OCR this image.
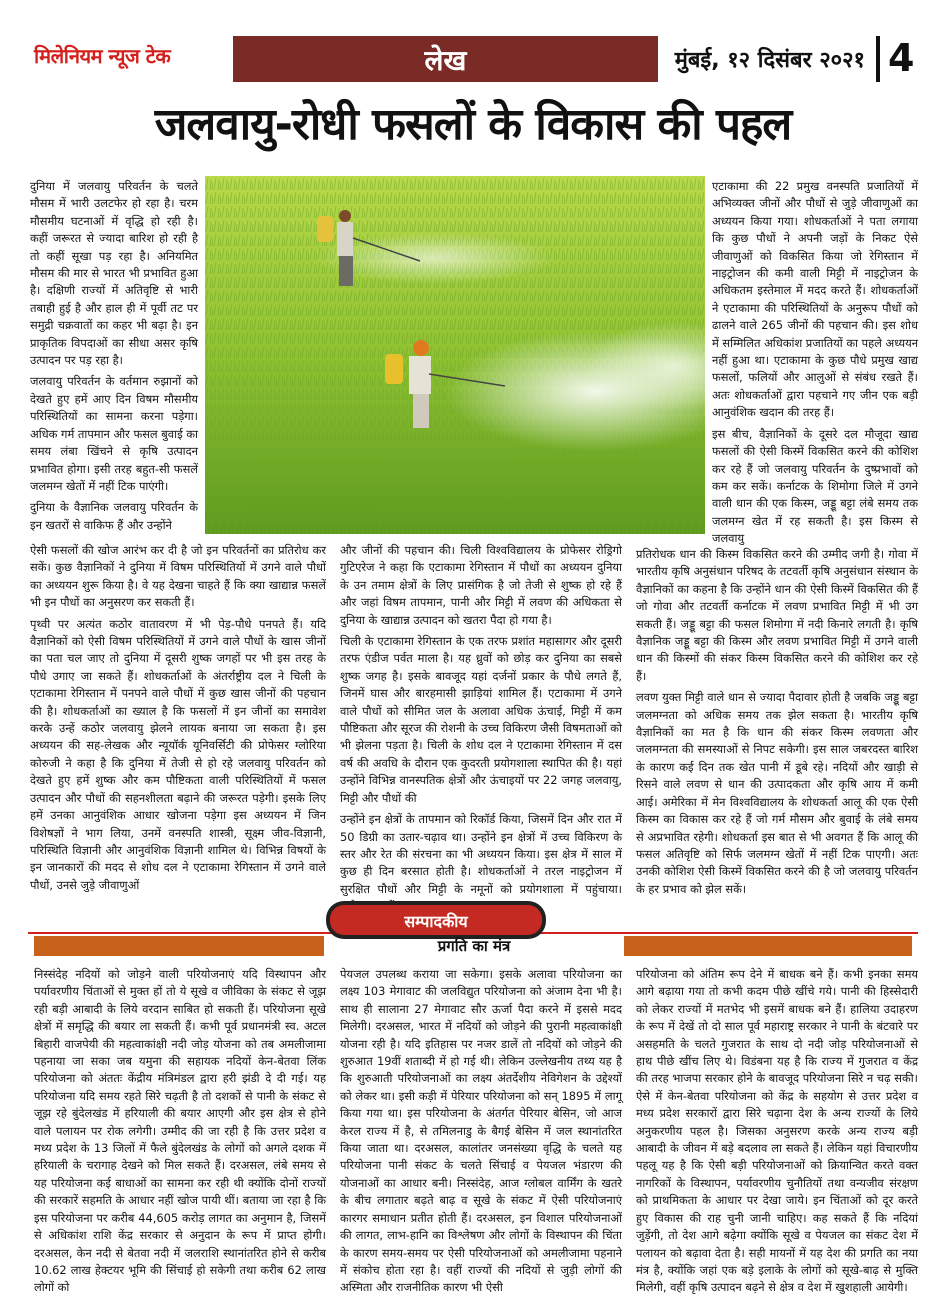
मिलेनियम न्यूज टेक	लेख	मुंबई, १२ दिसंबर २०२१ 4
जलवायु-रोधी फसलों के विकास की पहल

दुनिया में जलवायु परिवर्तन के चलते मौसम में भारी उलटफेर हो रहा है। चरम मौसमीय घटनाओं में वृद्धि हो रही है। कहीं जरूरत से ज्यादा बारिश हो रही है तो कहीं सूखा पड़ रहा है। अनियमित मौसम की मार से भारत भी प्रभावित हुआ है। दक्षिणी राज्यों में अतिवृष्टि से भारी तबाही हुई है और हाल ही में पूर्वी तट पर समुद्री चक्रवातों का कहर भी बढ़ा है। इन प्राकृतिक विपदाओं का सीधा असर कृषि उत्पादन पर पड़ रहा है।

जलवायु परिवर्तन के वर्तमान रुझानों को देखते हुए हमें आए दिन विषम मौसमीय परिस्थितियों का सामना करना पड़ेगा। अधिक गर्म तापमान और फसल बुवाई का समय लंबा खिंचने से कृषि उत्पादन प्रभावित होगा। इसी तरह बहुत-सी फसलें जलमग्न खेतों में नहीं टिक पाएंगी।

दुनिया के वैज्ञानिक जलवायु परिवर्तन के इन खतरों से वाकिफ हैं और उन्होंने

ऐसी फसलों की खोज आरंभ कर दी है जो इन परिवर्तनों का प्रतिरोध कर सकें। कुछ वैज्ञानिकों ने दुनिया में विषम परिस्थितियों में उगने वाले पौधों का अध्ययन शुरू किया है। वे यह देखना चाहते हैं कि क्या खाद्यान्न फसलें भी इन पौधों का अनुसरण कर सकती हैं।

पृथ्वी पर अत्यंत कठोर वातावरण में भी पेड़-पौधे पनपते हैं। यदि वैज्ञानिकों को ऐसी विषम परिस्थितियों में उगने वाले पौधों के खास जीनों का पता चल जाए तो दुनिया में दूसरी शुष्क जगहों पर भी इस तरह के पौधे उगाए जा सकते हैं। शोधकर्ताओं के अंतर्राष्ट्रीय दल ने चिली के एटाकामा रेगिस्तान में पनपने वाले पौधों में कुछ खास जीनों की पहचान की है। शोधकर्ताओं का ख्याल है कि फसलों में इन जीनों का समावेश करके उन्हें कठोर जलवायु झेलने लायक बनाया जा सकता है। इस अध्ययन की सह-लेखक और न्यूयॉर्क यूनिवर्सिटी की प्रोफेसर ग्लोरिया कोरुजी ने कहा है कि दुनिया में तेजी से हो रहे जलवायु परिवर्तन को देखते हुए हमें शुष्क और कम पौष्टिकता वाली परिस्थितियों में फसल उत्पादन और पौधों की सहनशीलता बढ़ाने की जरूरत पड़ेगी। इसके लिए हमें उनका आनुवंशिक आधार खोजना पड़ेगा इस अध्ययन में जिन विशेषज्ञों ने भाग लिया, उनमें वनस्पति शास्त्री, सूक्ष्म जीव-विज्ञानी, परिस्थिति विज्ञानी और आनुवंशिक विज्ञानी शामिल थे। विभिन्न विषयों के इन जानकारों की मदद से शोध दल ने एटाकामा रेगिस्तान में उगने वाले पौधों, उनसे जुड़े जीवाणुओं

और जीनों की पहचान की। चिली विश्वविद्यालय के प्रोफेसर रोड्रिगो गुटिएरेज ने कहा कि एटाकामा रेगिस्तान में पौधों का अध्ययन दुनिया के उन तमाम क्षेत्रों के लिए प्रासंगिक है जो तेजी से शुष्क हो रहे हैं और जहां विषम तापमान, पानी और मिट्टी में लवण की अधिकता से दुनिया के खाद्यान्न उत्पादन को खतरा पैदा हो गया है।

चिली के एटाकामा रेगिस्तान के एक तरफ प्रशांत महासागर और दूसरी तरफ एंडीज पर्वत माला है। यह ध्रुवों को छोड़ कर दुनिया का सबसे शुष्क जगह है। इसके बावजूद यहां दर्जनों प्रकार के पौधे लगते हैं, जिनमें घास और बारहमासी झाड़ियां शामिल हैं। एटाकामा में उगने वाले पौधों को सीमित जल के अलावा अधिक ऊंचाई, मिट्टी में कम पौष्टिकता और सूरज की रोशनी के उच्च विकिरण जैसी विषमताओं को भी झेलना पड़ता है। चिली के शोध दल ने एटाकामा रेगिस्तान में दस वर्ष की अवधि के दौरान एक कुदरती प्रयोगशाला स्थापित की है। यहां उन्होंने विभिन्न वानस्पतिक क्षेत्रों और ऊंचाइयों पर 22 जगह जलवायु, मिट्टी और पौधों की

उन्होंने इन क्षेत्रों के तापमान को रिकॉर्ड किया, जिसमें दिन और रात में 50 डिग्री का उतार-चढ़ाव था। उन्होंने इन क्षेत्रों में उच्च विकिरण के स्तर और रेत की संरचना का भी अध्ययन किया। इस क्षेत्र में साल में कुछ ही दिन बरसात होती है। शोधकर्ताओं ने तरल नाइट्रोजन में सुरक्षित पौधों और मिट्टी के नमूनों को प्रयोगशाला में पहुंचाया।

एटाकामा की 22 प्रमुख वनस्पति प्रजातियों में अभिव्यक्त जीनों और पौधों से जुड़े जीवाणुओं का अध्ययन किया गया। शोधकर्ताओं ने पता लगाया कि कुछ पौधों ने अपनी जड़ों के निकट ऐसे जीवाणुओं को विकसित किया जो रेगिस्तान में नाइट्रोजन की कमी वाली मिट्टी में नाइट्रोजन के अधिकतम इस्तेमाल में मदद करते हैं। शोधकर्ताओं ने एटाकामा की परिस्थितियों के अनुरूप पौधों को ढालने वाले 265 जीनों की पहचान की। इस शोध में सम्मिलित अधिकांश प्रजातियों का पहले अध्ययन नहीं हुआ था। एटाकामा के कुछ पौधे प्रमुख खाद्य फसलों, फलियों और आलुओं से संबंध रखते हैं। अतः शोधकर्ताओं द्वारा पहचाने गए जीन एक बड़ी आनुवंशिक खदान की तरह हैं।

इस बीच, वैज्ञानिकों के दूसरे दल मौजूदा खाद्य फसलों की ऐसी किस्में विकसित करने की कोशिश कर रहे हैं जो जलवायु परिवर्तन के दुष्प्रभावों को कम कर सकें। कर्नाटक के शिमोगा जिले में उगने वाली धान की एक किस्म, जड्डू बट्टा लंबे समय तक जलमग्न खेत में रह सकती है। इस किस्म से जलवायु

प्रतिरोधक धान की किस्म विकसित करने की उम्मीद जगी है। गोवा में भारतीय कृषि अनुसंधान परिषद के तटवर्ती कृषि अनुसंधान संस्थान के वैज्ञानिकों का कहना है कि उन्होंने धान की ऐसी किस्में विकसित की हैं जो गोवा और तटवर्ती कर्नाटक में लवण प्रभावित मिट्टी में भी उग सकती हैं। जड्डू बट्टा की फसल शिमोगा में नदी किनारे लगती है। कृषि वैज्ञानिक जड्डू बट्टा की किस्म और लवण प्रभावित मिट्टी में उगने वाली धान की किस्मों की संकर किस्म विकसित करने की कोशिश कर रहे हैं।

लवण युक्त मिट्टी वाले धान से ज्यादा पैदावार होती है जबकि जड्डू बट्टा जलमग्नता को अधिक समय तक झेल सकता है। भारतीय कृषि वैज्ञानिकों का मत है कि धान की संकर किस्म लवणता और जलमग्नता की समस्याओं से निपट सकेगी। इस साल जबरदस्त बारिश के कारण कई दिन तक खेत पानी में डूबे रहे। नदियों और खाड़ी से रिसने वाले लवण से धान की उत्पादकता और कृषि आय में कमी आई। अमेरिका में मेन विश्वविद्यालय के शोधकर्ता आलू की एक ऐसी किस्म का विकास कर रहे हैं जो गर्म मौसम और बुवाई के लंबे समय से अप्रभावित रहेगी। शोधकर्ता इस बात से भी अवगत हैं कि आलू की फसल अतिवृष्टि को सिर्फ जलमग्न खेतों में नहीं टिक पाएगी। अतः उनकी कोशिश ऐसी किस्में विकसित करने की है जो जलवायु परिवर्तन के हर प्रभाव को झेल सकें।

सम्पादकीय
प्रगति का मंत्र

निस्संदेह नदियों को जोड़ने वाली परियोजनाएं यदि विस्थापन और पर्यावरणीय चिंताओं से मुक्त हों तो ये सूखे व जीविका के संकट से जूझ रही बड़ी आबादी के लिये वरदान साबित हो सकती हैं। परियोजना सूखे क्षेत्रों में समृद्धि की बयार ला सकती हैं। कभी पूर्व प्रधानमंत्री स्व. अटल बिहारी वाजपेयी की महत्वाकांक्षी नदी जोड़ योजना को तब अमलीजामा पहनाया जा सका जब यमुना की सहायक नदियों केन-बेतवा लिंक परियोजना को अंततः केंद्रीय मंत्रिमंडल द्वारा हरी झंडी दे दी गई। यह परियोजना यदि समय रहते सिरे चढ़ती है तो दशकों से पानी के संकट से जूझ रहे बुंदेलखंड में हरियाली की बयार आएगी और इस क्षेत्र से होने वाले पलायन पर रोक लगेगी। उम्मीद की जा रही है कि उत्तर प्रदेश व मध्य प्रदेश के 13 जिलों में फैले बुंदेलखंड के लोगों को अगले दशक में हरियाली के चरागाह देखने को मिल सकते हैं। दरअसल, लंबे समय से यह परियोजना कई बाधाओं का सामना कर रही थी क्योंकि दोनों राज्यों की सरकारें सहमति के आधार नहीं खोज पायी थीं। बताया जा रहा है कि इस परियोजना पर करीब 44,605 करोड़ लागत का अनुमान है, जिसमें से अधिकांश राशि केंद्र सरकार से अनुदान के रूप में प्राप्त होगी। दरअसल, केन नदी से बेतवा नदी में जलराशि स्थानांतरित होने से करीब 10.62 लाख हेक्टयर भूमि की सिंचाई हो सकेगी तथा करीब 62 लाख लोगों को

पेयजल उपलब्ध कराया जा सकेगा। इसके अलावा परियोजना का लक्ष्य 103 मेगावाट की जलविद्युत परियोजना को अंजाम देना भी है। साथ ही सालाना 27 मेगावाट सौर ऊर्जा पैदा करने में इससे मदद मिलेगी। दरअसल, भारत में नदियों को जोड़ने की पुरानी महत्वाकांक्षी योजना रही है। यदि इतिहास पर नजर डालें तो नदियों को जोड़ने की शुरुआत 19वीं शताब्दी में हो गई थी। लेकिन उल्लेखनीय तथ्य यह है कि शुरुआती परियोजनाओं का लक्ष्य अंतर्देशीय नेविगेशन के उद्देश्यों को लेकर था। इसी कड़ी में पेरियार परियोजना को सन् 1895 में लागू किया गया था। इस परियोजना के अंतर्गत पेरियार बेसिन, जो आज केरल राज्य में है, से तमिलनाडु के बैगई बेसिन में जल स्थानांतरित किया जाता था। दरअसल, कालांतर जनसंख्या वृद्धि के चलते यह परियोजना पानी संकट के चलते सिंचाई व पेयजल भंडारण की योजनाओं का आधार बनी। निस्संदेह, आज ग्लोबल वार्मिंग के खतरे के बीच लगातार बढ़ते बाढ़ व सूखे के संकट में ऐसी परियोजनाएं कारगर समाधान प्रतीत होती हैं। दरअसल, इन विशाल परियोजनाओं की लागत, लाभ-हानि का विश्लेषण और लोगों के विस्थापन की चिंता के कारण समय-समय पर ऐसी परियोजनाओं को अमलीजामा पहनाने में संकोच होता रहा है। वहीं राज्यों की नदियों से जुड़ी लोगों की अस्मिता और राजनीतिक कारण भी ऐसी

परियोजना को अंतिम रूप देने में बाधक बने हैं। कभी इनका समय आगे बढ़ाया गया तो कभी कदम पीछे खींचे गये। पानी की हिस्सेदारी को लेकर राज्यों में मतभेद भी इसमें बाधक बने हैं। हालिया उदाहरण के रूप में देखें तो दो साल पूर्व महाराष्ट्र सरकार ने पानी के बंटवारे पर असहमति के चलते गुजरात के साथ दो नदी जोड़ परियोजनाओं से हाथ पीछे खींच लिए थे। विडंबना यह है कि राज्य में गुजरात व केंद्र की तरह भाजपा सरकार होने के बावजूद परियोजना सिरे न चढ़ सकी। ऐसे में केन-बेतवा परियोजना को केंद्र के सहयोग से उत्तर प्रदेश व मध्य प्रदेश सरकारों द्वारा सिरे चढ़ाना देश के अन्य राज्यों के लिये अनुकरणीय पहल है। जिसका अनुसरण करके अन्य राज्य बड़ी आबादी के जीवन में बड़े बदलाव ला सकते हैं। लेकिन यहां विचारणीय पहलू यह है कि ऐसी बड़ी परियोजनाओं को क्रियान्वित करते वक्त नागरिकों के विस्थापन, पर्यावरणीय चुनौतियों तथा वन्यजीव संरक्षण को प्राथमिकता के आधार पर देखा जाये। इन चिंताओं को दूर करते हुए विकास की राह चुनी जानी चाहिए। कह सकते हैं कि नदियां जुड़ेंगी, तो देश आगे बढ़ेगा क्योंकि सूखे व पेयजल का संकट देश में पलायन को बढ़ावा देता है। सही मायनों में यह देश की प्रगति का नया मंत्र है, क्योंकि जहां एक बड़े इलाके के लोगों को सूखे-बाढ़ से मुक्ति मिलेगी, वहीं कृषि उत्पादन बढ़ने से क्षेत्र व देश में खुशहाली आयेगी।
